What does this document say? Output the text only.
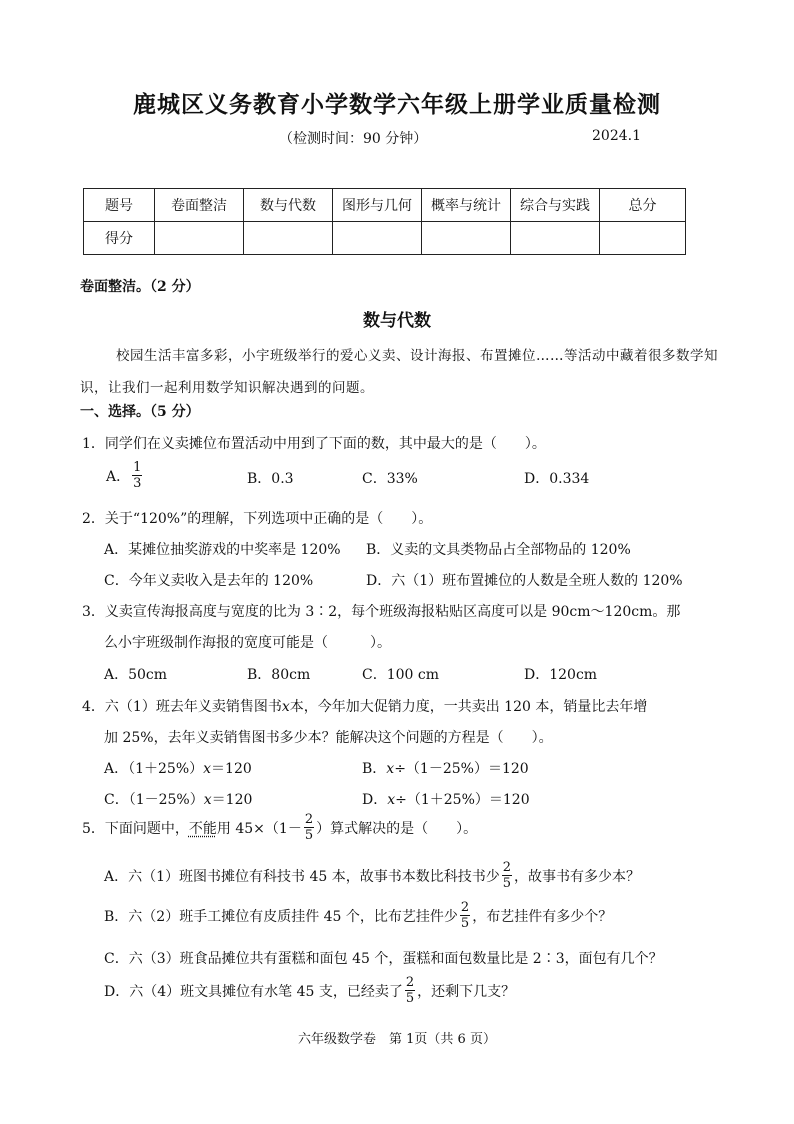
鹿城区义务教育小学数学六年级上册学业质量检测
（检测时间：90 分钟）	2024.1
题号	卷面整洁	数与代数	图形与几何	概率与统计	综合与实践	总分
得分						
卷面整洁。（2 分）
数与代数
校园生活丰富多彩，小宇班级举行的爱心义卖、设计海报、布置摊位……等活动中藏着很多数学知识，让我们一起利用数学知识解决遇到的问题。
一、选择。（5 分）
1．同学们在义卖摊位布置活动中用到了下面的数，其中最大的是（　　）。
A． $\frac{1}{3}$	B．0.3	C．33%	D．0.334
2．关于“120%”的理解，下列选项中正确的是（　　）。
A．某摊位抽奖游戏的中奖率是 120% B．义卖的文具类物品占全部物品的 120%
C．今年义卖收入是去年的 120%	D．六（1）班布置摊位的人数是全班人数的 120%
3．义卖宣传海报高度与宽度的比为 3∶2，每个班级海报粘贴区高度可以是 90cm～120cm。那
么小宇班级制作海报的宽度可能是（　　　）。
A．50cm	B．80cm	C．100 cm	D．120cm
4．六（1）班去年义卖销售图书x本，今年加大促销力度，一共卖出 120 本，销量比去年增
加 25%，去年义卖销售图书多少本？能解决这个问题的方程是（　　）。
A．（1＋25%）x＝120	B．x÷（1－25%）＝120
C．（1－25%）x＝120	D．x÷（1＋25%）＝120
5．下面问题中， 不能 用 $45\times(1- \frac{2}{5}$ ）算式解决的是（　　）。
A．六（1）班图书摊位有科技书 45 本，故事书本数比科技书少 $\frac{2}{5}$ ，故事书有多少本？
B．六（2）班手工摊位有皮质挂件 45 个，比布艺挂件少 $\frac{2}{5}$ ，布艺挂件有多少个？
C．六（3）班食品摊位共有蛋糕和面包 45 个，蛋糕和面包数量比是 2∶3，面包有几个？
D．六（4）班文具摊位有水笔 45 支，已经卖了 $\frac{2}{5}$ ，还剩下几支？
六年级数学卷　第 1页（共 6 页）
